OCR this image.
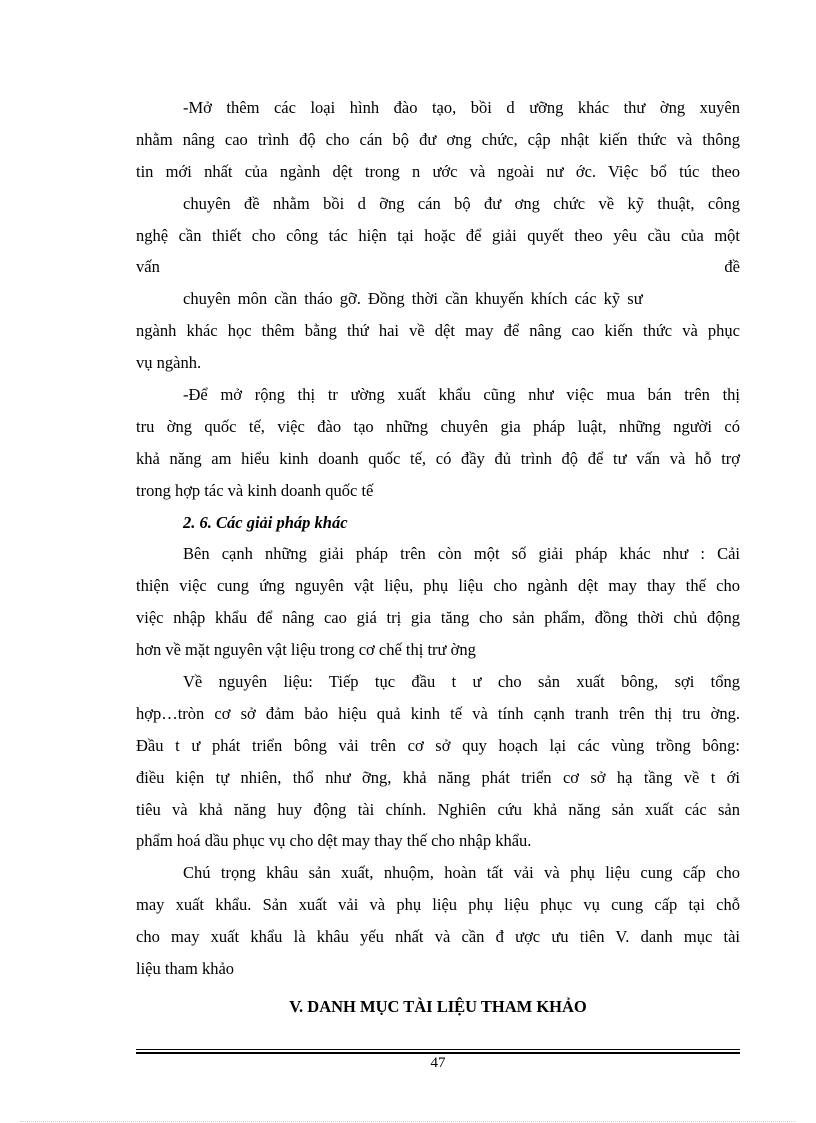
-Mở thêm các loại hình đào tạo, bồi d ưỡng khác thư ờng xuyên
nhằm nâng cao trình độ cho cán bộ đư ơng chức, cập nhật kiến thức và thông
tin mới nhất của ngành dệt trong n ước và ngoài nư ớc. Việc bổ túc theo
chuyên đề nhằm bồi d ỡng cán bộ đư ơng chức về kỹ thuật, công
nghệ cần thiết cho công tác hiện tại hoặc để giải quyết theo yêu cầu của một
vấn	đề
chuyên môn cần tháo gỡ. Đồng thời cần khuyến khích các kỹ sư
ngành khác học thêm bằng thứ hai về dệt may để nâng cao kiến thức và phục
vụ ngành.
-Để mở rộng thị tr ường xuất khẩu cũng như việc mua bán trên thị
tru ờng quốc tế, việc đào tạo những chuyên gia pháp luật, những người có
khả năng am hiểu kinh doanh quốc tế, có đầy đủ trình độ để tư vấn và hỗ trợ
trong hợp tác và kinh doanh quốc tế
2. 6. Các giải pháp khác
Bên cạnh những giải pháp trên còn một số giải pháp khác như : Cải
thiện việc cung ứng nguyên vật liệu, phụ liệu cho ngành dệt may thay thế cho
việc nhập khẩu để nâng cao giá trị gia tăng cho sản phẩm, đồng thời chủ động
hơn về mặt nguyên vật liệu trong cơ chế thị trư ờng
Về nguyên liệu: Tiếp tục đầu t ư cho sản xuất bông, sợi tổng
hợp…tròn cơ sở đảm bảo hiệu quả kinh tế và tính cạnh tranh trên thị tru ờng.
Đầu t ư phát triển bông vải trên cơ sở quy hoạch lại các vùng trồng bông:
điều kiện tự nhiên, thổ như ỡng, khả năng phát triển cơ sở hạ tầng về t ới
tiêu và khả năng huy động tài chính. Nghiên cứu khả năng sản xuất các sản
phẩm hoá dầu phục vụ cho dệt may thay thế cho nhập khẩu.
Chú trọng khâu sản xuất, nhuộm, hoàn tất vải và phụ liệu cung cấp cho
may xuất khẩu. Sản xuất vải và phụ liệu phụ liệu phục vụ cung cấp tại chỗ
cho may xuất khẩu là khâu yếu nhất và cần đ ược ưu tiên V. danh mục tài
liệu tham khảo
V. DANH MỤC TÀI LIỆU THAM KHẢO
47
